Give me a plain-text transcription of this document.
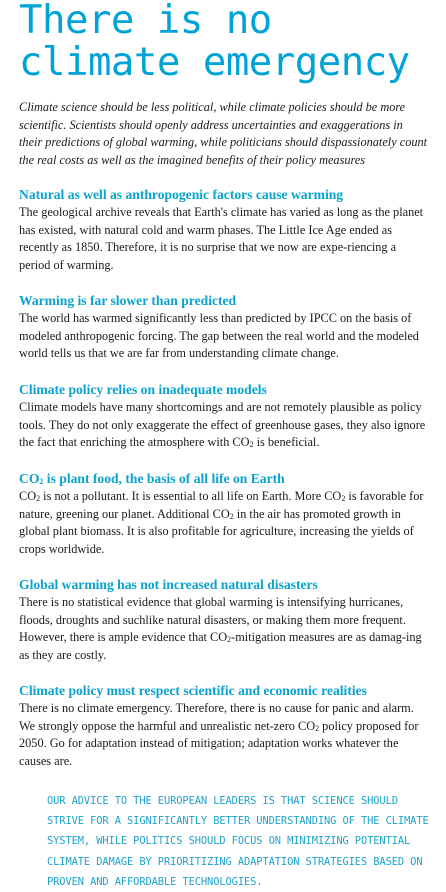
There is no
climate emergency

Climate science should be less political, while climate policies should be more scientific. Scientists should openly address uncertainties and exaggerations in their predictions of global warming, while politicians should dispassionately count the real costs as well as the imagined benefits of their policy measures

Natural as well as anthropogenic factors cause warming

The geological archive reveals that Earth's climate has varied as long as the planet has existed, with natural cold and warm phases. The Little Ice Age ended as recently as 1850. Therefore, it is no surprise that we now are expe-riencing a period of warming.

Warming is far slower than predicted

The world has warmed significantly less than predicted by IPCC on the basis of modeled anthropogenic forcing. The gap between the real world and the modeled world tells us that we are far from understanding climate change.

Climate policy relies on inadequate models

Climate models have many shortcomings and are not remotely plausible as policy tools. They do not only exaggerate the effect of greenhouse gases, they also ignore the fact that enriching the atmosphere with $CO_2$ is beneficial.

$CO_2$ is plant food, the basis of all life on Earth

$CO_2$ is not a pollutant. It is essential to all life on Earth. More $CO_2$ is favorable for nature, greening our planet. Additional $CO_2$ in the air has promoted growth in global plant biomass. It is also profitable for agriculture, increasing the yields of crops worldwide.

Global warming has not increased natural disasters

There is no statistical evidence that global warming is intensifying hurricanes, floods, droughts and suchlike natural disasters, or making them more frequent. However, there is ample evidence that $CO_2$-mitigation measures are as damag-ing as they are costly.

Climate policy must respect scientific and economic realities

There is no climate emergency. Therefore, there is no cause for panic and alarm. We strongly oppose the harmful and unrealistic net-zero $CO_2$ policy proposed for 2050. Go for adaptation instead of mitigation; adaptation works whatever the causes are.

OUR ADVICE TO THE EUROPEAN LEADERS IS THAT SCIENCE SHOULD STRIVE FOR A SIGNIFICANTLY BETTER UNDERSTANDING OF THE CLIMATE SYSTEM, WHILE POLITICS SHOULD FOCUS ON MINIMIZING POTENTIAL CLIMATE DAMAGE BY PRIORITIZING ADAPTATION STRATEGIES BASED ON PROVEN AND AFFORDABLE TECHNOLOGIES.
